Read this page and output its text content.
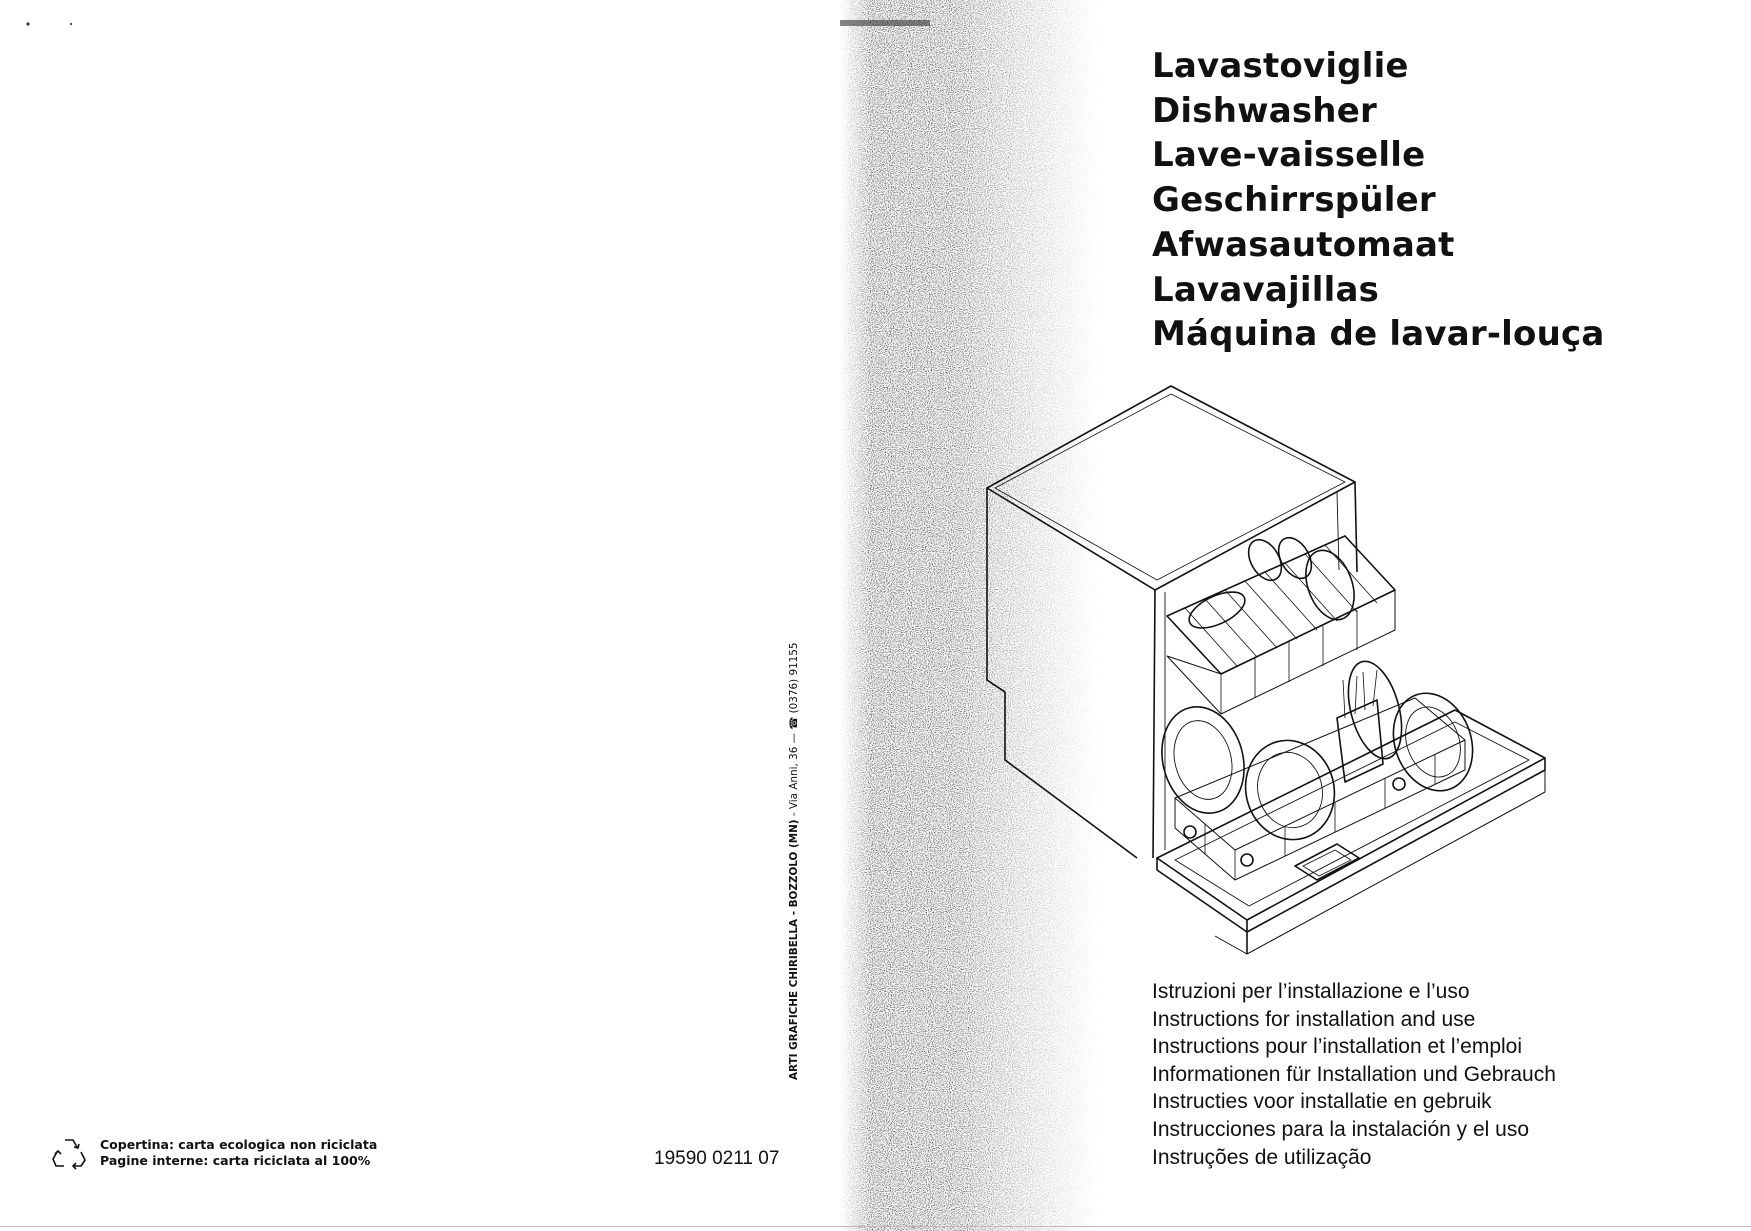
Lavastoviglie
Dishwasher
Lave-vaisselle
Geschirrspüler
Afwasautomaat
Lavavajillas
Máquina de lavar-louça
Istruzioni per l’installazione e l’uso
Instructions for installation and use
Instructions pour l’installation et l’emploi
Informationen für Installation und Gebrauch
Instructies voor installatie en gebruik
Instrucciones para la instalación y el uso
Instruções de utilização
Copertina: carta ecologica non riciclata
Pagine interne: carta riciclata al 100%	19590 0211 07
ARTI GRAFICHE CHIRIBELLA - BOZZOLO (MN) - Via Anni, 36 — ☎ (0376) 91155
